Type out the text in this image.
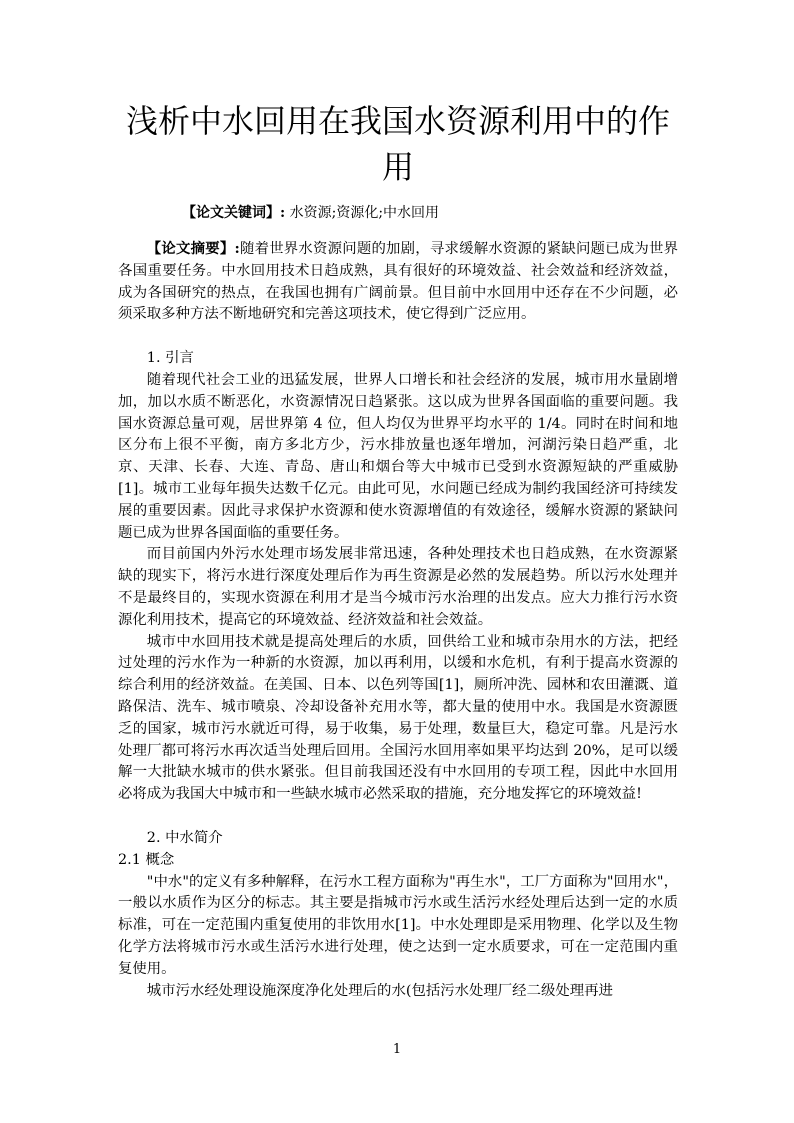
浅析中水回用在我国水资源利用中的作用
【论文关键词】: 水资源;资源化;中水回用

【论文摘要】:随着世界水资源问题的加剧，寻求缓解水资源的紧缺问题已成为世界各国重要任务。中水回用技术日趋成熟，具有很好的环境效益、社会效益和经济效益，成为各国研究的热点，在我国也拥有广阔前景。但目前中水回用中还存在不少问题，必须采取多种方法不断地研究和完善这项技术，使它得到广泛应用。

1. 引言

随着现代社会工业的迅猛发展，世界人口增长和社会经济的发展，城市用水量剧增加，加以水质不断恶化，水资源情况日趋紧张。这以成为世界各国面临的重要问题。我国水资源总量可观，居世界第 4 位，但人均仅为世界平均水平的 1/4。同时在时间和地区分布上很不平衡，南方多北方少，污水排放量也逐年增加，河湖污染日趋严重，北京、天津、长春、大连、青岛、唐山和烟台等大中城市已受到水资源短缺的严重威胁[1]。城市工业每年损失达数千亿元。由此可见，水问题已经成为制约我国经济可持续发展的重要因素。因此寻求保护水资源和使水资源增值的有效途径，缓解水资源的紧缺问题已成为世界各国面临的重要任务。

而目前国内外污水处理市场发展非常迅速，各种处理技术也日趋成熟，在水资源紧缺的现实下，将污水进行深度处理后作为再生资源是必然的发展趋势。所以污水处理并不是最终目的，实现水资源在利用才是当今城市污水治理的出发点。应大力推行污水资源化利用技术，提高它的环境效益、经济效益和社会效益。

城市中水回用技术就是提高处理后的水质，回供给工业和城市杂用水的方法，把经过处理的污水作为一种新的水资源，加以再利用，以缓和水危机，有利于提高水资源的综合利用的经济效益。在美国、日本、以色列等国[1]，厕所冲洗、园林和农田灌溉、道路保洁、洗车、城市喷泉、冷却设备补充用水等，都大量的使用中水。我国是水资源匮乏的国家，城市污水就近可得，易于收集，易于处理，数量巨大，稳定可靠。凡是污水处理厂都可将污水再次适当处理后回用。全国污水回用率如果平均达到 20%，足可以缓解一大批缺水城市的供水紧张。但目前我国还没有中水回用的专项工程，因此中水回用必将成为我国大中城市和一些缺水城市必然采取的措施，充分地发挥它的环境效益!

2. 中水简介

2.1 概念

"中水"的定义有多种解释，在污水工程方面称为"再生水"，工厂方面称为"回用水"，一般以水质作为区分的标志。其主要是指城市污水或生活污水经处理后达到一定的水质标准，可在一定范围内重复使用的非饮用水[1]。中水处理即是采用物理、化学以及生物化学方法将城市污水或生活污水进行处理，使之达到一定水质要求，可在一定范围内重复使用。

城市污水经处理设施深度净化处理后的水(包括污水处理厂经二级处理再进

1
